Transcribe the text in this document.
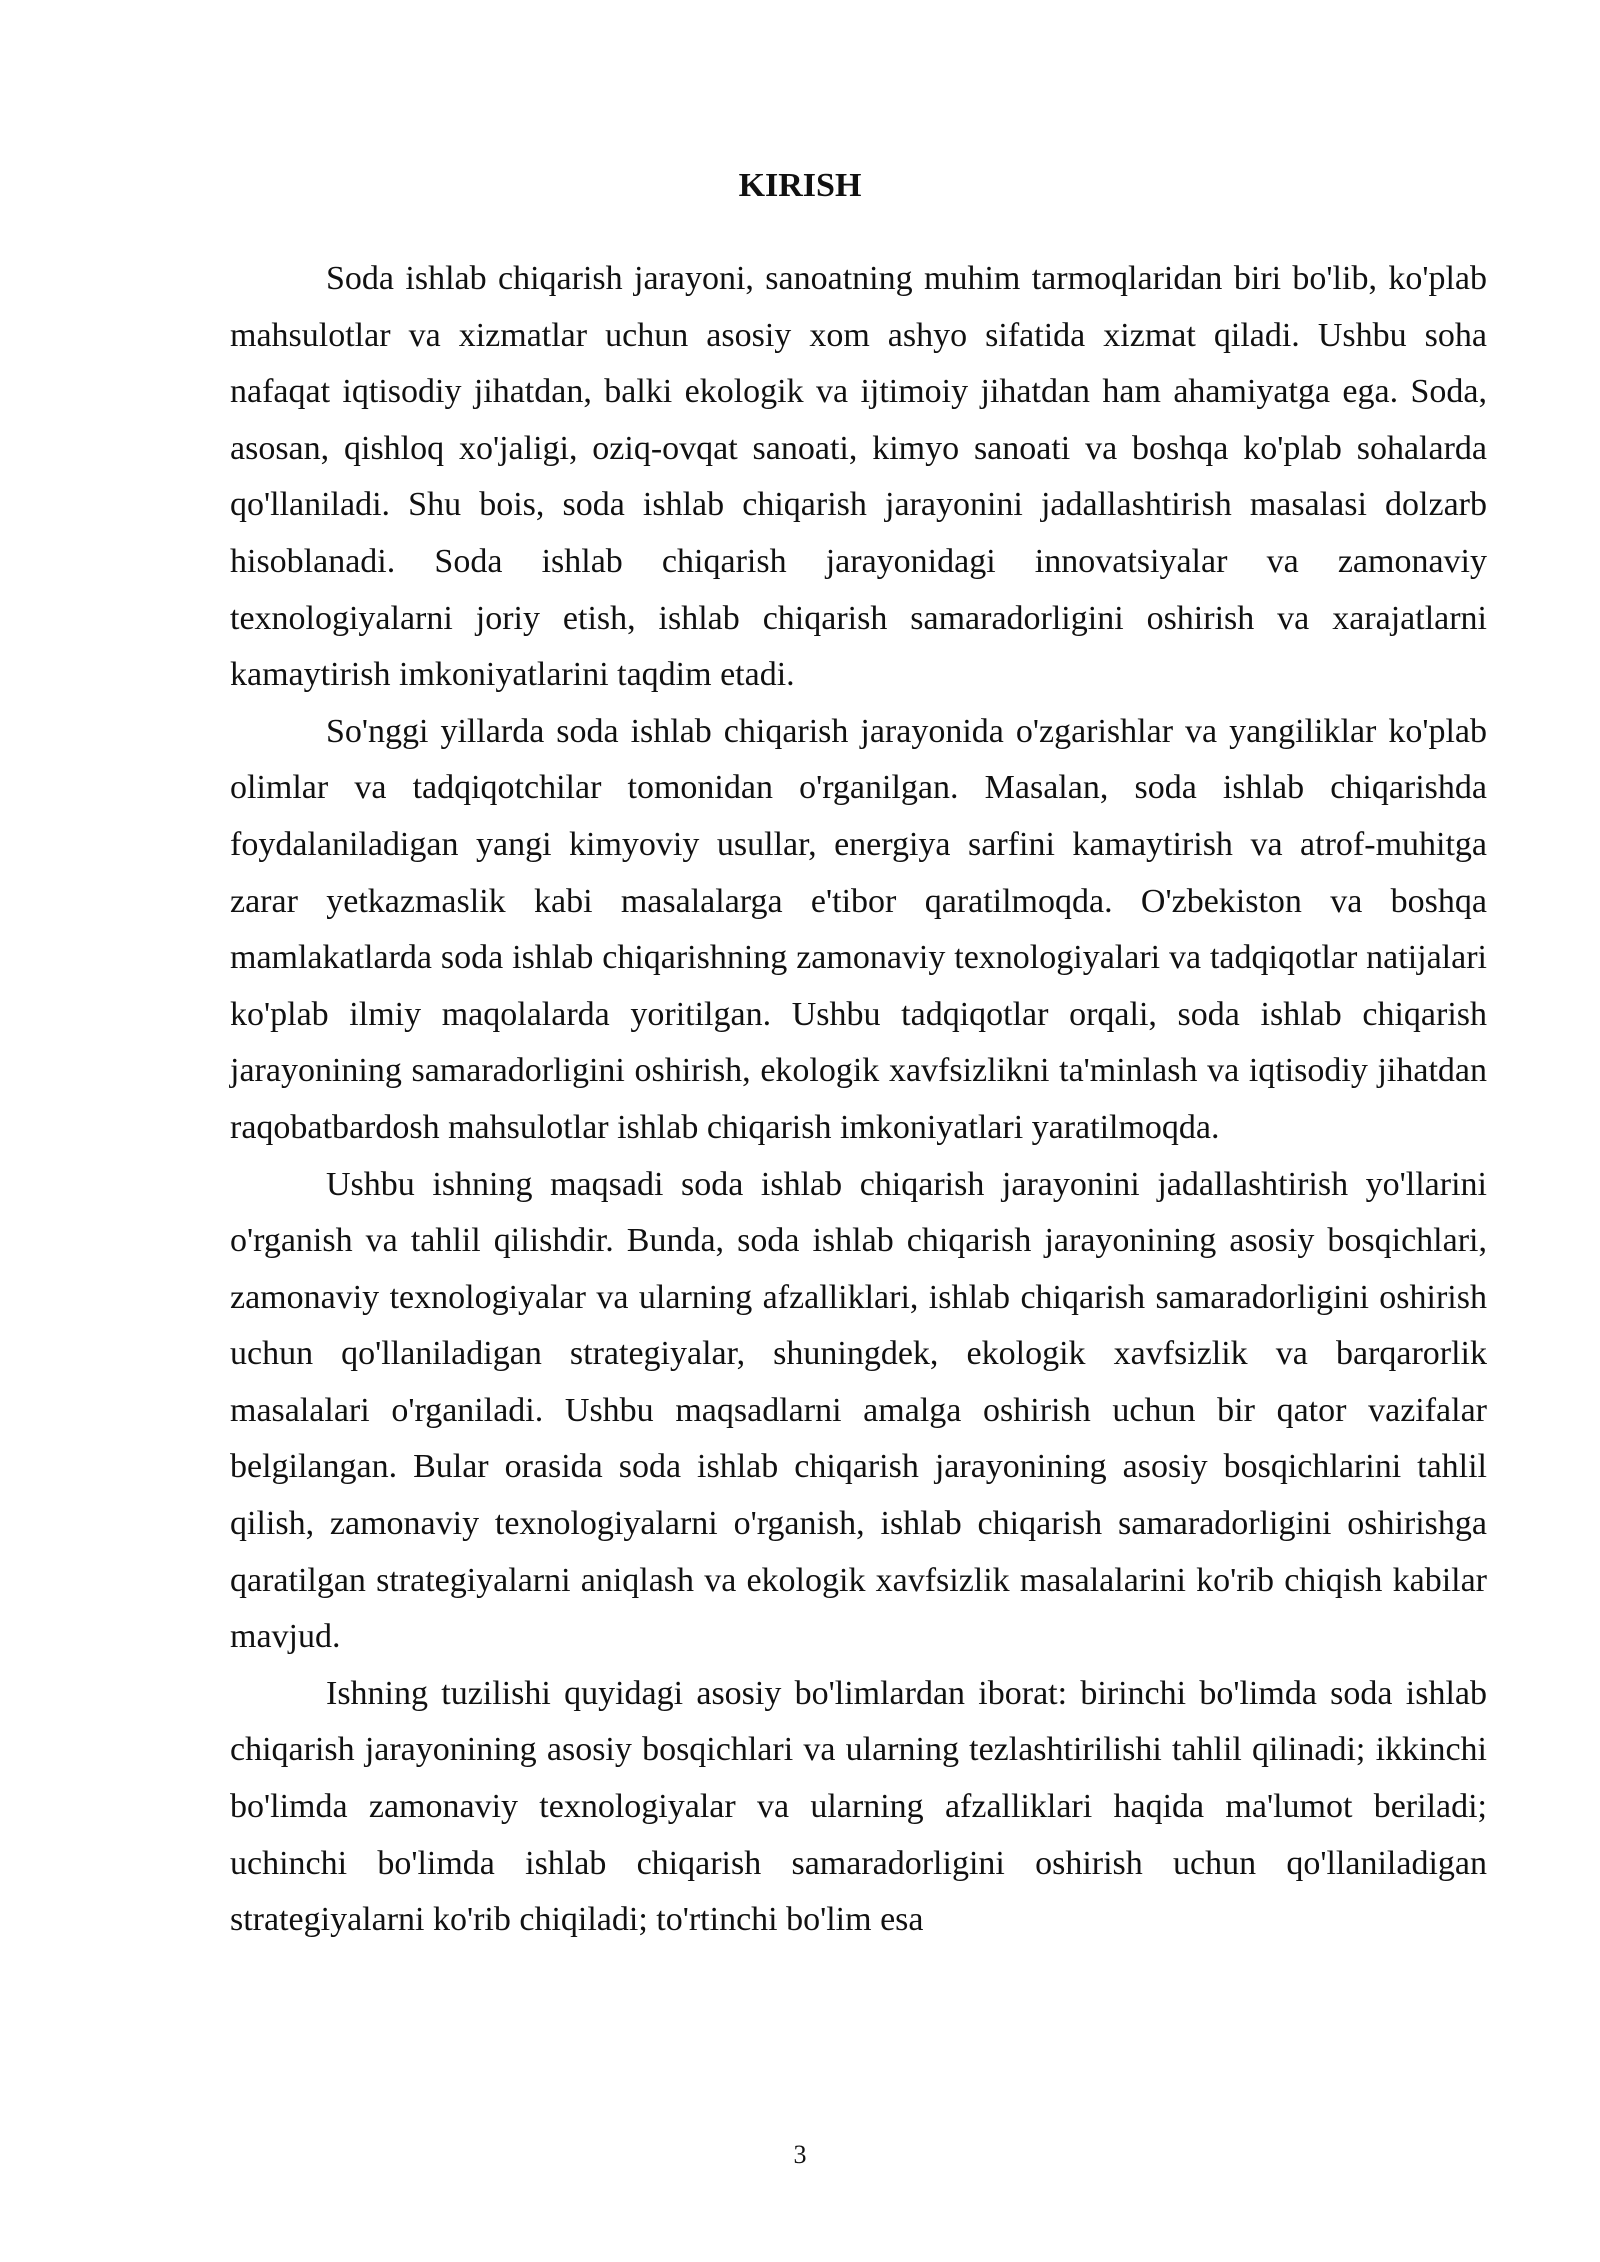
KIRISH

Soda ishlab chiqarish jarayoni, sanoatning muhim tarmoqlaridan biri bo'lib, ko'plab mahsulotlar va xizmatlar uchun asosiy xom ashyo sifatida xizmat qiladi. Ushbu soha nafaqat iqtisodiy jihatdan, balki ekologik va ijtimoiy jihatdan ham ahamiyatga ega. Soda, asosan, qishloq xo'jaligi, oziq-ovqat sanoati, kimyo sanoati va boshqa ko'plab sohalarda qo'llaniladi. Shu bois, soda ishlab chiqarish jarayonini jadallashtirish masalasi dolzarb hisoblanadi. Soda ishlab chiqarish jarayonidagi innovatsiyalar va zamonaviy texnologiyalarni joriy etish, ishlab chiqarish samaradorligini oshirish va xarajatlarni kamaytirish imkoniyatlarini taqdim etadi.

So'nggi yillarda soda ishlab chiqarish jarayonida o'zgarishlar va yangiliklar ko'plab olimlar va tadqiqotchilar tomonidan o'rganilgan. Masalan, soda ishlab chiqarishda foydalaniladigan yangi kimyoviy usullar, energiya sarfini kamaytirish va atrof-muhitga zarar yetkazmaslik kabi masalalarga e'tibor qaratilmoqda. O'zbekiston va boshqa mamlakatlarda soda ishlab chiqarishning zamonaviy texnologiyalari va tadqiqotlar natijalari ko'plab ilmiy maqolalarda yoritilgan. Ushbu tadqiqotlar orqali, soda ishlab chiqarish jarayonining samaradorligini oshirish, ekologik xavfsizlikni ta'minlash va iqtisodiy jihatdan raqobatbardosh mahsulotlar ishlab chiqarish imkoniyatlari yaratilmoqda.

Ushbu ishning maqsadi soda ishlab chiqarish jarayonini jadallashtirish yo'llarini o'rganish va tahlil qilishdir. Bunda, soda ishlab chiqarish jarayonining asosiy bosqichlari, zamonaviy texnologiyalar va ularning afzalliklari, ishlab chiqarish samaradorligini oshirish uchun qo'llaniladigan strategiyalar, shuningdek, ekologik xavfsizlik va barqarorlik masalalari o'rganiladi. Ushbu maqsadlarni amalga oshirish uchun bir qator vazifalar belgilangan. Bular orasida soda ishlab chiqarish jarayonining asosiy bosqichlarini tahlil qilish, zamonaviy texnologiyalarni o'rganish, ishlab chiqarish samaradorligini oshirishga qaratilgan strategiyalarni aniqlash va ekologik xavfsizlik masalalarini ko'rib chiqish kabilar mavjud.

Ishning tuzilishi quyidagi asosiy bo'limlardan iborat: birinchi bo'limda soda ishlab chiqarish jarayonining asosiy bosqichlari va ularning tezlashtirilishi tahlil qilinadi; ikkinchi bo'limda zamonaviy texnologiyalar va ularning afzalliklari haqida ma'lumot beriladi; uchinchi bo'limda ishlab chiqarish samaradorligini oshirish uchun qo'llaniladigan strategiyalarni ko'rib chiqiladi; to'rtinchi bo'lim esa

3
